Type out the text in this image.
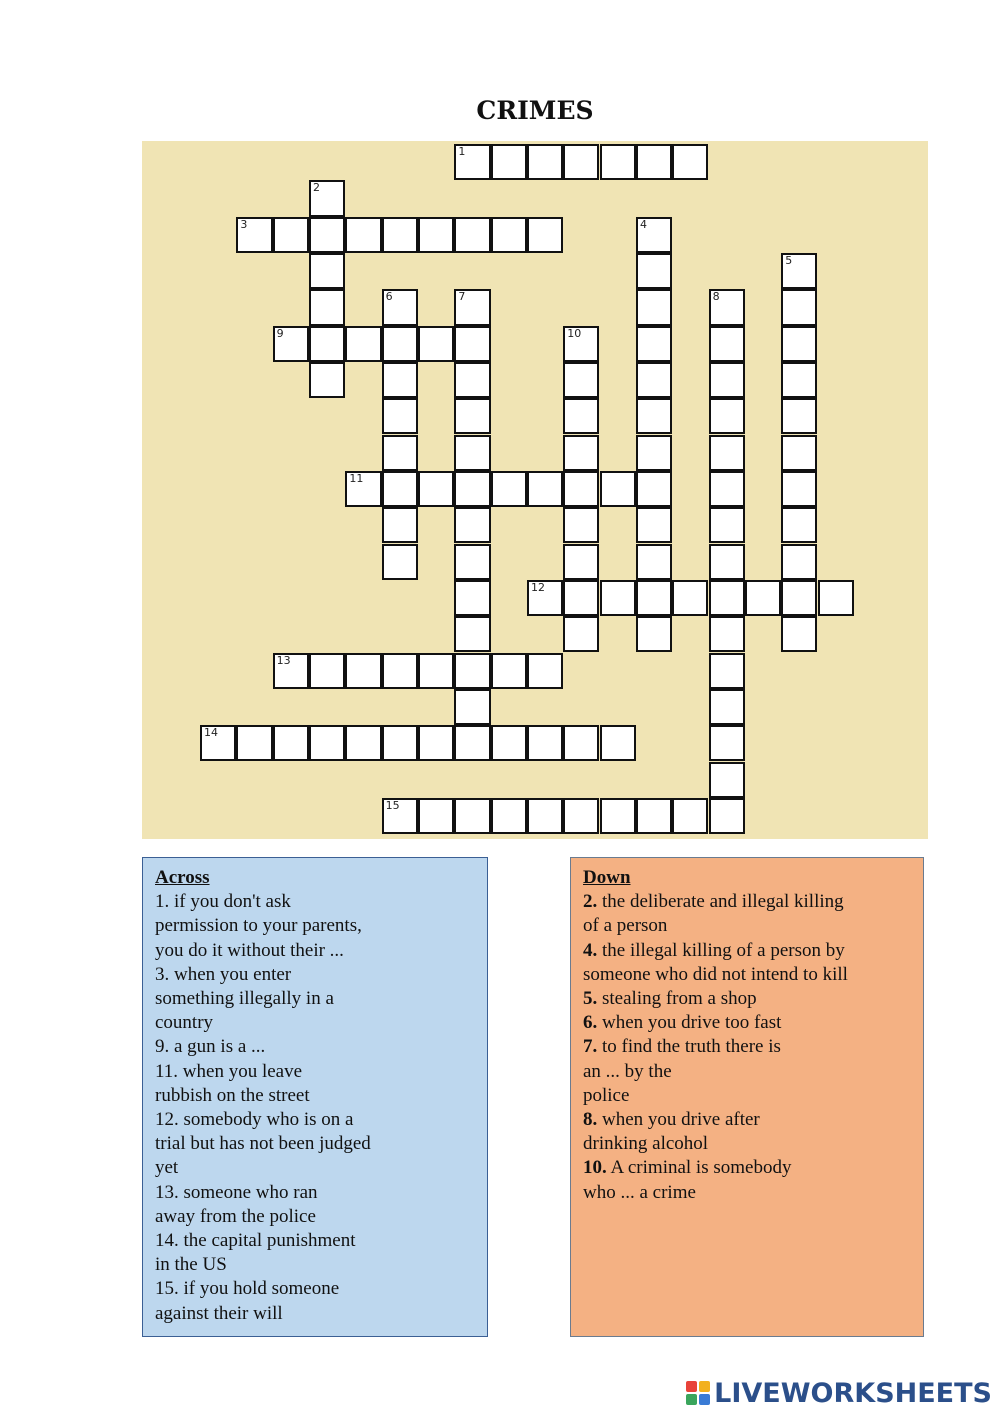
CRIMES
1
2
3	4
5
6	7	8
9	10
11
12
13
14
15
Across
1. if you don't ask
permission to your parents,
you do it without their ...
3. when you enter
something illegally in a
country
9. a gun is a ...
11. when you leave
rubbish on the street
12. somebody who is on a
trial but has not been judged
yet
13. someone who ran
away from the police
14. the capital punishment
in the US
15. if you hold someone
against their will
Down
2. the deliberate and illegal killing
of a person
4. the illegal killing of a person by
someone who did not intend to kill
5. stealing from a shop
6. when you drive too fast
7. to find the truth there is
an ... by the
police
8. when you drive after
drinking alcohol
10. A criminal is somebody
who ... a crime
LIVEWORKSHEETS
